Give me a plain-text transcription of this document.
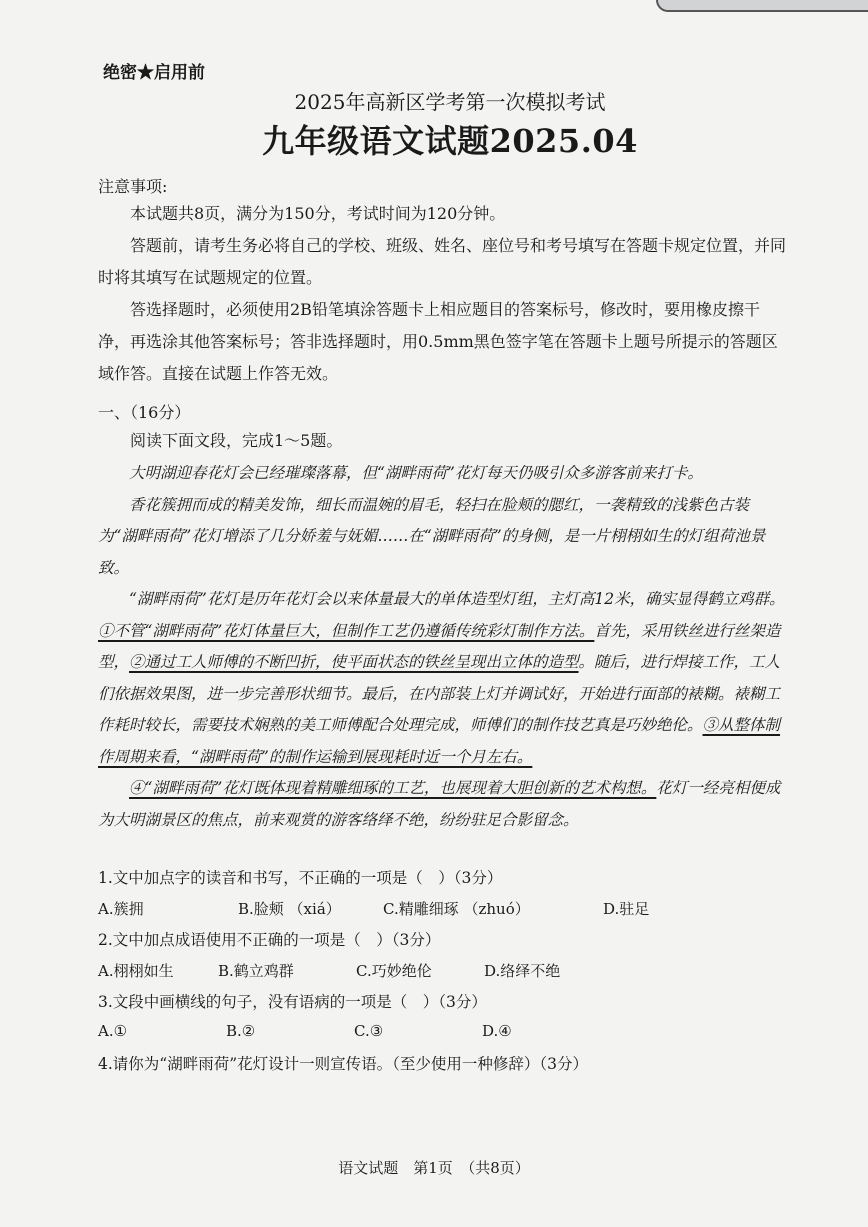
绝密★启用前
2025年高新区学考第一次模拟考试
九年级语文试题2025.04
注意事项:

本试题共8页，满分为150分，考试时间为120分钟。

答题前，请考生务必将自己的学校、班级、姓名、座位号和考号填写在答题卡规定位置，并同时将其填写在试题规定的位置。

答选择题时，必须使用2B铅笔填涂答题卡上相应题目的答案标号，修改时，要用橡皮擦干净，再选涂其他答案标号；答非选择题时，用0.5mm黑色签字笔在答题卡上题号所提示的答题区域作答。直接在试题上作答无效。

一、（16分）
阅读下面文段，完成1～5题。

大明湖迎春花灯会已经璀璨落幕，但“湖畔雨荷”花灯每天仍吸引众多游客前来打卡。

香花簇拥而成的精美发饰，细长而温婉的眉毛，轻扫在脸颊的腮红，一袭精致的浅紫色古装　为“湖畔雨荷”花灯增添了几分娇羞与妩媚……在“湖畔雨荷”的身侧，是一片栩栩如生的灯组荷池景致。

“湖畔雨荷”花灯是历年花灯会以来体量最大的单体造型灯组，主灯高12米，确实显得鹤立鸡群。①不管“湖畔雨荷”花灯体量巨大，但制作工艺仍遵循传统彩灯制作方法。首先，采用铁丝进行丝架造型，②通过工人师傅的不断凹折，使平面状态的铁丝呈现出立体的造型。随后，进行焊接工作，工人们依据效果图，进一步完善形状细节。最后，在内部装上灯并调试好，开始进行面部的裱糊。裱糊工作耗时较长，需要技术娴熟的美工师傅配合处理完成，师傅们的制作技艺真是巧妙绝伦。③从整体制作周期来看，“湖畔雨荷”的制作运输到展现耗时近一个月左右。

④“湖畔雨荷”花灯既体现着精雕细琢的工艺，也展现着大胆创新的艺术构想。花灯一经亮相便成为大明湖景区的焦点，前来观赏的游客络绎不绝，纷纷驻足合影留念。

1.文中加点字的读音和书写，不正确的一项是（　）（3分）
A.簇拥	B.脸颊 （xiá）	C.精雕细琢 （zhuó）	D.驻足
2.文中加点成语使用不正确的一项是（　）（3分）
A.栩栩如生	B.鹤立鸡群	C.巧妙绝伦	D.络绎不绝
3.文段中画横线的句子，没有语病的一项是（　）（3分）
A.①	B.②	C.③	D.④
4.请你为“湖畔雨荷”花灯设计一则宣传语。（至少使用一种修辞）（3分）
语文试题　第1页　（共8页）
